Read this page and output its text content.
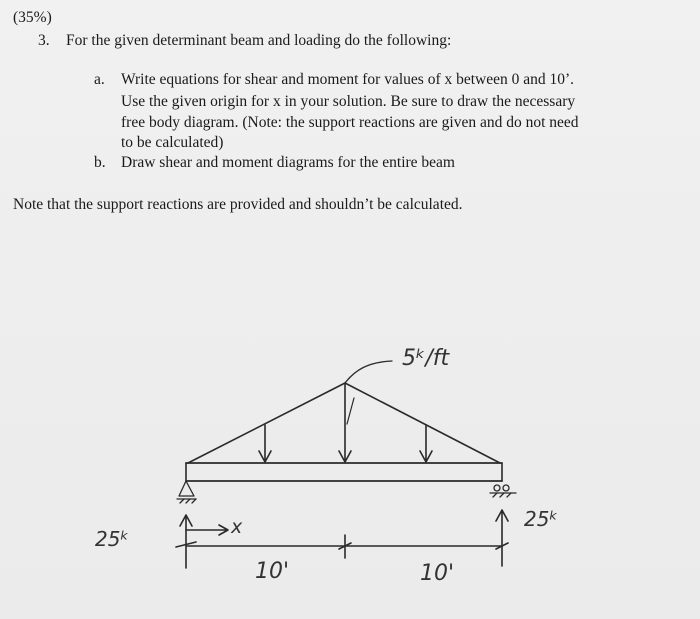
(35%)
3. For the given determinant beam and loading do the following:
a. Write equations for shear and moment for values of x between 0 and 10’.
Use the given origin for x in your solution. Be sure to draw the necessary
free body diagram. (Note: the support reactions are given and do not need
to be calculated)
b. Draw shear and moment diagrams for the entire beam
Note that the support reactions are provided and shouldn’t be calculated.
5ᵏ/ft
25ᵏ
25ᵏ
x
10'	10'
